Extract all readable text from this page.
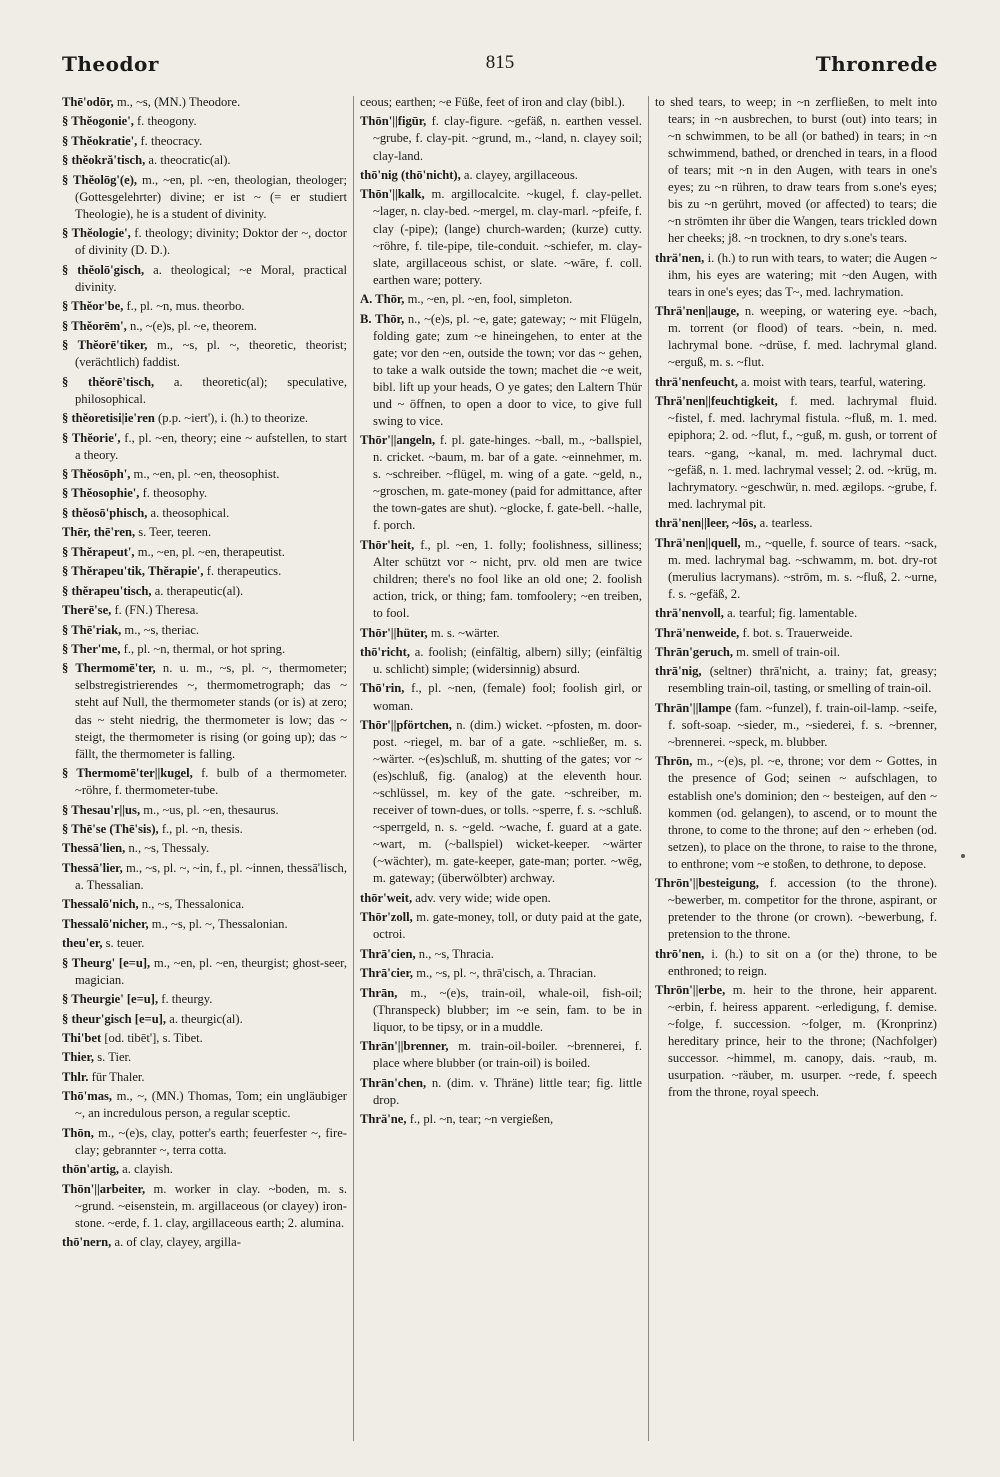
Theodor	815	Thronrede

Thē'odōr, m., ~s, (MN.) Theodore.

§ Thĕogonie', f. theogony.

§ Thĕokratie', f. theocracy.

§ thĕokră'tisch, a. theocratic(al).

§ Thĕolōg'(e), m., ~en, pl. ~en, theologian, theologer; (Gottesgelehrter) divine; er ist ~ (= er studiert Theologie), he is a student of divinity.

§ Thĕologie', f. theology; divinity; Doktor der ~, doctor of divinity (D. D.).

§ thĕolō'gisch, a. theological; ~e Moral, practical divinity.

§ Thĕor'be, f., pl. ~n, mus. theorbo.

§ Thĕorēm', n., ~(e)s, pl. ~e, theorem.

§ Thĕorē'tiker, m., ~s, pl. ~, theoretic, theorist; (verächtlich) faddist.

§ thĕorē'tisch, a. theoretic(al); speculative, philosophical.

§ thĕoretisi|ie'ren (p.p. ~iert'), i. (h.) to theorize.

§ Thĕorie', f., pl. ~en, theory; eine ~ aufstellen, to start a theory.

§ Thĕosōph', m., ~en, pl. ~en, theosophist.

§ Thĕosophie', f. theosophy.

§ thĕosō'phisch, a. theosophical.

Thēr, thē'ren, s. Teer, teeren.

§ Thĕrapeut', m., ~en, pl. ~en, therapeutist.

§ Thĕrapeu'tik, Thĕrapie', f. therapeutics.

§ thĕrapeu'tisch, a. therapeutic(al).

Therē'se, f. (FN.) Theresa.

§ Thē'riak, m., ~s, theriac.

§ Ther'me, f., pl. ~n, thermal, or hot spring.

§ Thermomē'ter, n. u. m., ~s, pl. ~, thermometer; selbstregistrierendes ~, thermometrograph; das ~ steht auf Null, the thermometer stands (or is) at zero; das ~ steht niedrig, the thermometer is low; das ~ steigt, the thermometer is rising (or going up); das ~ fällt, the thermometer is falling.

§ Thermomē'ter||kugel, f. bulb of a thermometer. ~röhre, f. thermometer-tube.

§ Thesau'r||us, m., ~us, pl. ~en, thesaurus.

§ Thē'se (Thē'sis), f., pl. ~n, thesis.

Thessā'lien, n., ~s, Thessaly.

Thessā'lier, m., ~s, pl. ~, ~in, f., pl. ~innen, thessā'lisch, a. Thessalian.

Thessalō'nich, n., ~s, Thessalonica.

Thessalō'nicher, m., ~s, pl. ~, Thessalonian.

theu'er, s. teuer.

§ Theurg' [e=u], m., ~en, pl. ~en, theurgist; ghost-seer, magician.

§ Theurgie' [e=u], f. theurgy.

§ theur'gisch [e=u], a. theurgic(al).

Thi'bet [od. tibēt'], s. Tibet.

Thier, s. Tier.

Thlr. für Thaler.

Thō'mas, m., ~, (MN.) Thomas, Tom; ein ungläubiger ~, an incredulous person, a regular sceptic.

Thōn, m., ~(e)s, clay, potter's earth; feuerfester ~, fire-clay; gebrannter ~, terra cotta.

thōn'artig, a. clayish.

Thōn'||arbeiter, m. worker in clay. ~boden, m. s. ~grund. ~eisenstein, m. argillaceous (or clayey) iron-stone. ~erde, f. 1. clay, argillaceous earth; 2. alumina.

thō'nern, a. of clay, clayey, argilla-

ceous; earthen; ~e Füße, feet of iron and clay (bibl.).

Thōn'||figūr, f. clay-figure. ~gefäß, n. earthen vessel. ~grube, f. clay-pit. ~grund, m., ~land, n. clayey soil; clay-land.

thō'nig (thō'nicht), a. clayey, argillaceous.

Thōn'||kalk, m. argillocalcite. ~kugel, f. clay-pellet. ~lager, n. clay-bed. ~mergel, m. clay-marl. ~pfeife, f. clay (-pipe); (lange) church-warden; (kurze) cutty. ~röhre, f. tile-pipe, tile-conduit. ~schiefer, m. clay-slate, argillaceous schist, or slate. ~wāre, f. coll. earthen ware; pottery.

A. Thōr, m., ~en, pl. ~en, fool, simpleton.

B. Thōr, n., ~(e)s, pl. ~e, gate; gateway; ~ mit Flügeln, folding gate; zum ~e hineingehen, to enter at the gate; vor den ~en, outside the town; vor das ~ gehen, to take a walk outside the town; machet die ~e weit, bibl. lift up your heads, O ye gates; den Laltern Thür und ~ öffnen, to open a door to vice, to give full swing to vice.

Thōr'||angeln, f. pl. gate-hinges. ~ball, m., ~ballspiel, n. cricket. ~baum, m. bar of a gate. ~einnehmer, m. s. ~schreiber. ~flügel, m. wing of a gate. ~geld, n., ~groschen, m. gate-money (paid for admittance, after the town-gates are shut). ~glocke, f. gate-bell. ~halle, f. porch.

Thōr'heit, f., pl. ~en, 1. folly; foolishness, silliness; Alter schützt vor ~ nicht, prv. old men are twice children; there's no fool like an old one; 2. foolish action, trick, or thing; fam. tomfoolery; ~en treiben, to fool.

Thōr'||hüter, m. s. ~wärter.

thō'richt, a. foolish; (einfältig, albern) silly; (einfältig u. schlicht) simple; (widersinnig) absurd.

Thō'rin, f., pl. ~nen, (female) fool; foolish girl, or woman.

Thōr'||pförtchen, n. (dim.) wicket. ~pfosten, m. door-post. ~riegel, m. bar of a gate. ~schließer, m. s. ~wärter. ~(es)schluß, m. shutting of the gates; vor ~(es)schluß, fig. (analog) at the eleventh hour. ~schlüssel, m. key of the gate. ~schreiber, m. receiver of town-dues, or tolls. ~sperre, f. s. ~schluß. ~sperrgeld, n. s. ~geld. ~wache, f. guard at a gate. ~wart, m. (~ballspiel) wicket-keeper. ~wärter (~wächter), m. gate-keeper, gate-man; porter. ~wēg, m. gateway; (überwölbter) archway.

thōr'weit, adv. very wide; wide open.

Thōr'zoll, m. gate-money, toll, or duty paid at the gate, octroi.

Thrā'cien, n., ~s, Thracia.

Thrā'cier, m., ~s, pl. ~, thrā'cisch, a. Thracian.

Thrān, m., ~(e)s, train-oil, whale-oil, fish-oil; (Thranspeck) blubber; im ~e sein, fam. to be in liquor, to be tipsy, or in a muddle.

Thrān'||brenner, m. train-oil-boiler. ~brennerei, f. place where blubber (or train-oil) is boiled.

Thrān'chen, n. (dim. v. Thräne) little tear; fig. little drop.

Thrä'ne, f., pl. ~n, tear; ~n vergießen,

to shed tears, to weep; in ~n zerfließen, to melt into tears; in ~n ausbrechen, to burst (out) into tears; in ~n schwimmen, to be all (or bathed) in tears; in ~n schwimmend, bathed, or drenched in tears, in a flood of tears; mit ~n in den Augen, with tears in one's eyes; zu ~n rühren, to draw tears from s.one's eyes; bis zu ~n gerührt, moved (or affected) to tears; die ~n strömten ihr über die Wangen, tears trickled down her cheeks; j8. ~n trocknen, to dry s.one's tears.

thrä'nen, i. (h.) to run with tears, to water; die Augen ~ ihm, his eyes are watering; mit ~den Augen, with tears in one's eyes; das T~, med. lachrymation.

Thrä'nen||auge, n. weeping, or watering eye. ~bach, m. torrent (or flood) of tears. ~bein, n. med. lachrymal bone. ~drüse, f. med. lachrymal gland. ~erguß, m. s. ~flut.

thrä'nenfeucht, a. moist with tears, tearful, watering.

Thrä'nen||feuchtigkeit, f. med. lachrymal fluid. ~fistel, f. med. lachrymal fistula. ~fluß, m. 1. med. epiphora; 2. od. ~flut, f., ~guß, m. gush, or torrent of tears. ~gang, ~kanal, m. med. lachrymal duct. ~gefäß, n. 1. med. lachrymal vessel; 2. od. ~krüg, m. lachrymatory. ~geschwür, n. med. ægilops. ~grube, f. med. lachrymal pit.

thrä'nen||leer, ~lōs, a. tearless.

Thrä'nen||quell, m., ~quelle, f. source of tears. ~sack, m. med. lachrymal bag. ~schwamm, m. bot. dry-rot (merulius lacrymans). ~strōm, m. s. ~fluß, 2. ~urne, f. s. ~gefäß, 2.

thrä'nenvoll, a. tearful; fig. lamentable.

Thrä'nenweide, f. bot. s. Trauerweide.

Thrān'geruch, m. smell of train-oil.

thrā'nig, (seltner) thrā'nicht, a. trainy; fat, greasy; resembling train-oil, tasting, or smelling of train-oil.

Thrān'||lampe (fam. ~funzel), f. train-oil-lamp. ~seife, f. soft-soap. ~sieder, m., ~siederei, f. s. ~brenner, ~brennerei. ~speck, m. blubber.

Thrōn, m., ~(e)s, pl. ~e, throne; vor dem ~ Gottes, in the presence of God; seinen ~ aufschlagen, to establish one's dominion; den ~ besteigen, auf den ~ kommen (od. gelangen), to ascend, or to mount the throne, to come to the throne; auf den ~ erheben (od. setzen), to place on the throne, to raise to the throne, to enthrone; vom ~e stoßen, to dethrone, to depose.

Thrōn'||besteigung, f. accession (to the throne). ~bewerber, m. competitor for the throne, aspirant, or pretender to the throne (or crown). ~bewerbung, f. pretension to the throne.

thrō'nen, i. (h.) to sit on a (or the) throne, to be enthroned; to reign.

Thrōn'||erbe, m. heir to the throne, heir apparent. ~erbin, f. heiress apparent. ~erledigung, f. demise. ~folge, f. succession. ~folger, m. (Kronprinz) hereditary prince, heir to the throne; (Nachfolger) successor. ~himmel, m. canopy, dais. ~raub, m. usurpation. ~räuber, m. usurper. ~rede, f. speech from the throne, royal speech.
